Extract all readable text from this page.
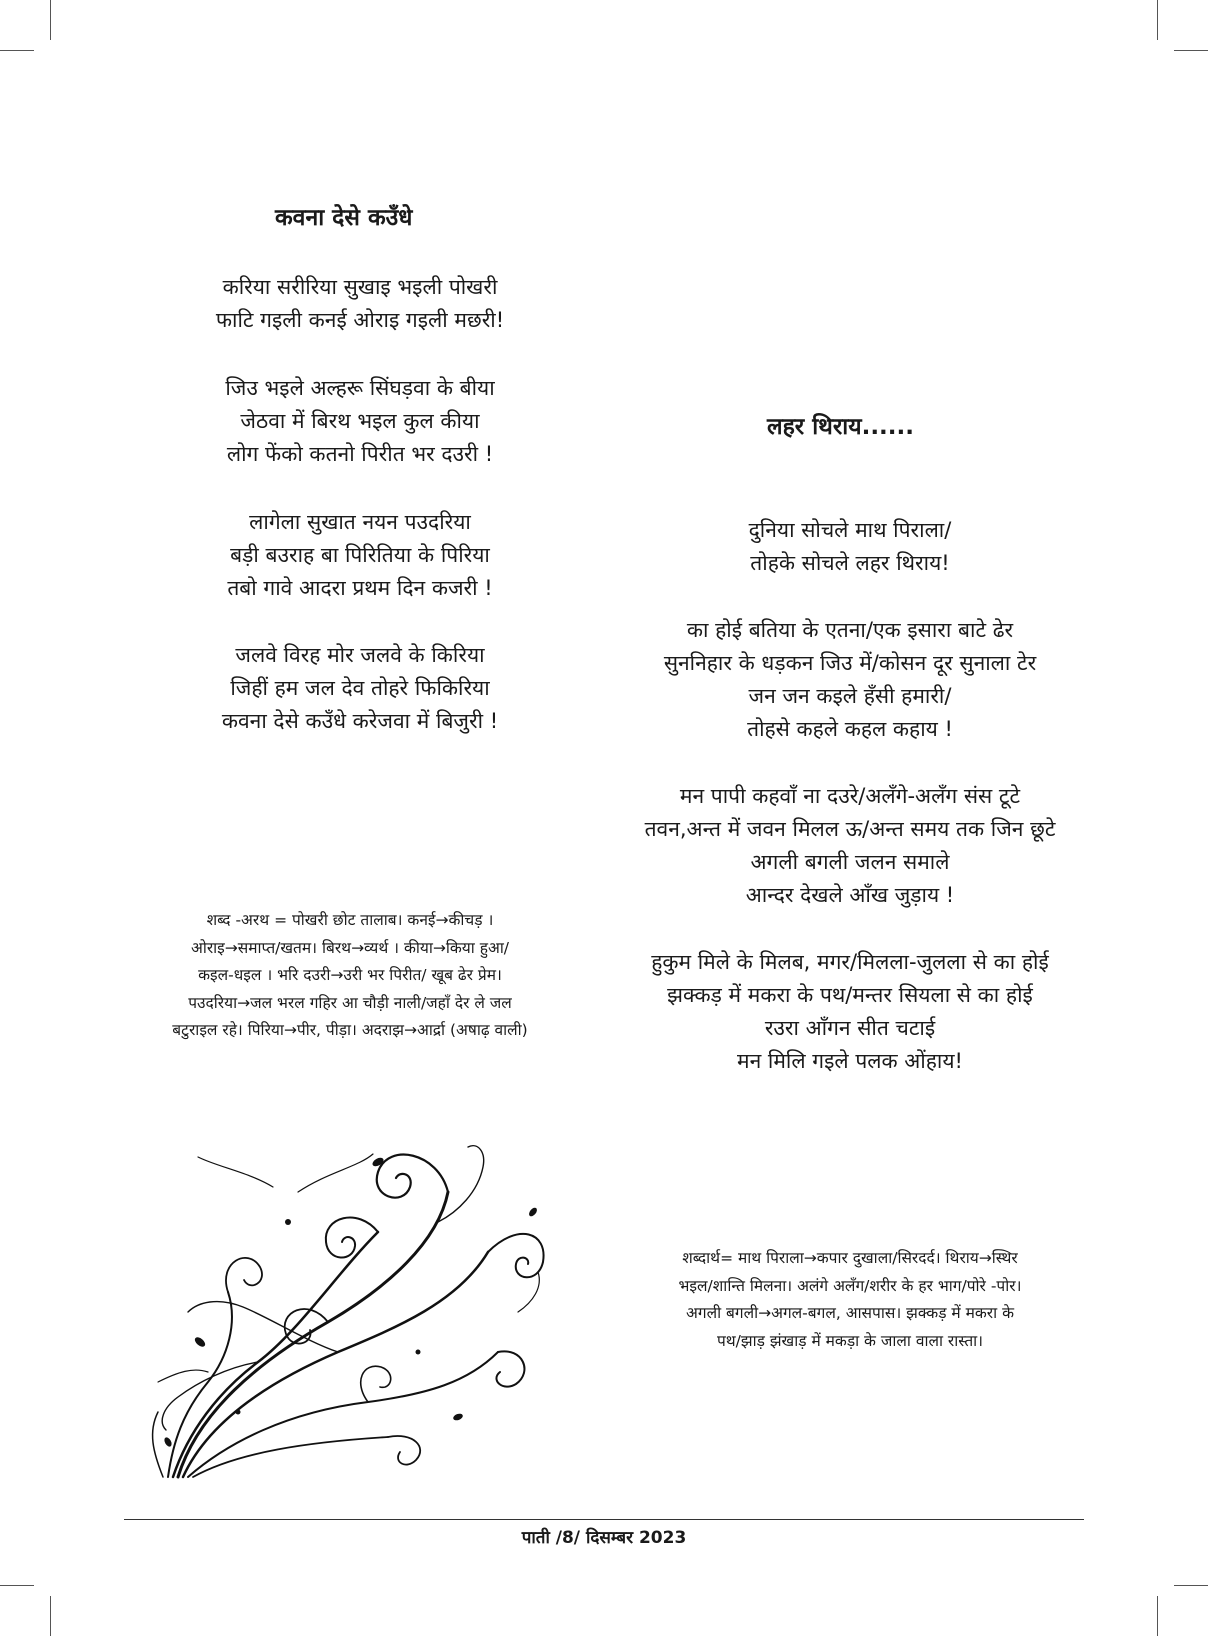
कवना देसे कउँधे
करिया सरीरिया सुखाइ भइली पोखरी
फाटि गइली कनई ओराइ गइली मछरी!
जिउ भइले अल्हरू सिंघड़वा के बीया
जेठवा में बिरथ भइल कुल कीया
लोग फेंको कतनो पिरीत भर दउरी !
लागेला सुखात नयन पउदरिया
बड़ी बउराह बा पिरितिया के पिरिया
तबो गावे आदरा प्रथम दिन कजरी !
जलवे विरह मोर जलवे के किरिया
जिहीं हम जल देव तोहरे फिकिरिया
कवना देसे कउँधे करेजवा में बिजुरी !
शब्द -अरथ = पोखरी छोट तालाब। कनई→कीचड़ ।
ओराइ→समाप्त/खतम। बिरथ→व्यर्थ । कीया→किया हुआ/
कइल-धइल । भरि दउरी→उरी भर पिरीत/ खूब ढेर प्रेम।
पउदरिया→जल भरल गहिर आ चौड़ी नाली/जहाँ देर ले जल
बटुराइल रहे। पिरिया→पीर, पीड़ा। अदराझ→आर्द्रा (अषाढ़ वाली)
लहर थिराय......
दुनिया सोचले माथ पिराला/
तोहके सोचले लहर थिराय!
का होई बतिया के एतना/एक इसारा बाटे ढेर
सुननिहार के धड़कन जिउ में/कोसन दूर सुनाला टेर
जन जन कइले हँसी हमारी/
तोहसे कहले कहल कहाय !
मन पापी कहवाँ ना दउरे/अलँगे-अलँग संस टूटे
तवन,अन्त में जवन मिलल ऊ/अन्त समय तक जिन छूटे
अगली बगली जलन समाले
आन्दर देखले आँख जुड़ाय !
हुकुम मिले के मिलब, मगर/मिलला-जुलला से का होई
झक्कड़ में मकरा के पथ/मन्तर सियला से का होई
रउरा आँगन सीत चटाई
मन मिलि गइले पलक ओंहाय!
शब्दार्थ= माथ पिराला→कपार दुखाला/सिरदर्द। थिराय→स्थिर
भइल/शान्ति मिलना। अलंगे अलँग/शरीर के हर भाग/पोरे -पोर।
अगली बगली→अगल-बगल, आसपास। झक्कड़ में मकरा के
पथ/झाड़ झंखाड़ में मकड़ा के जाला वाला रास्ता।
पाती /8/ दिसम्बर 2023
